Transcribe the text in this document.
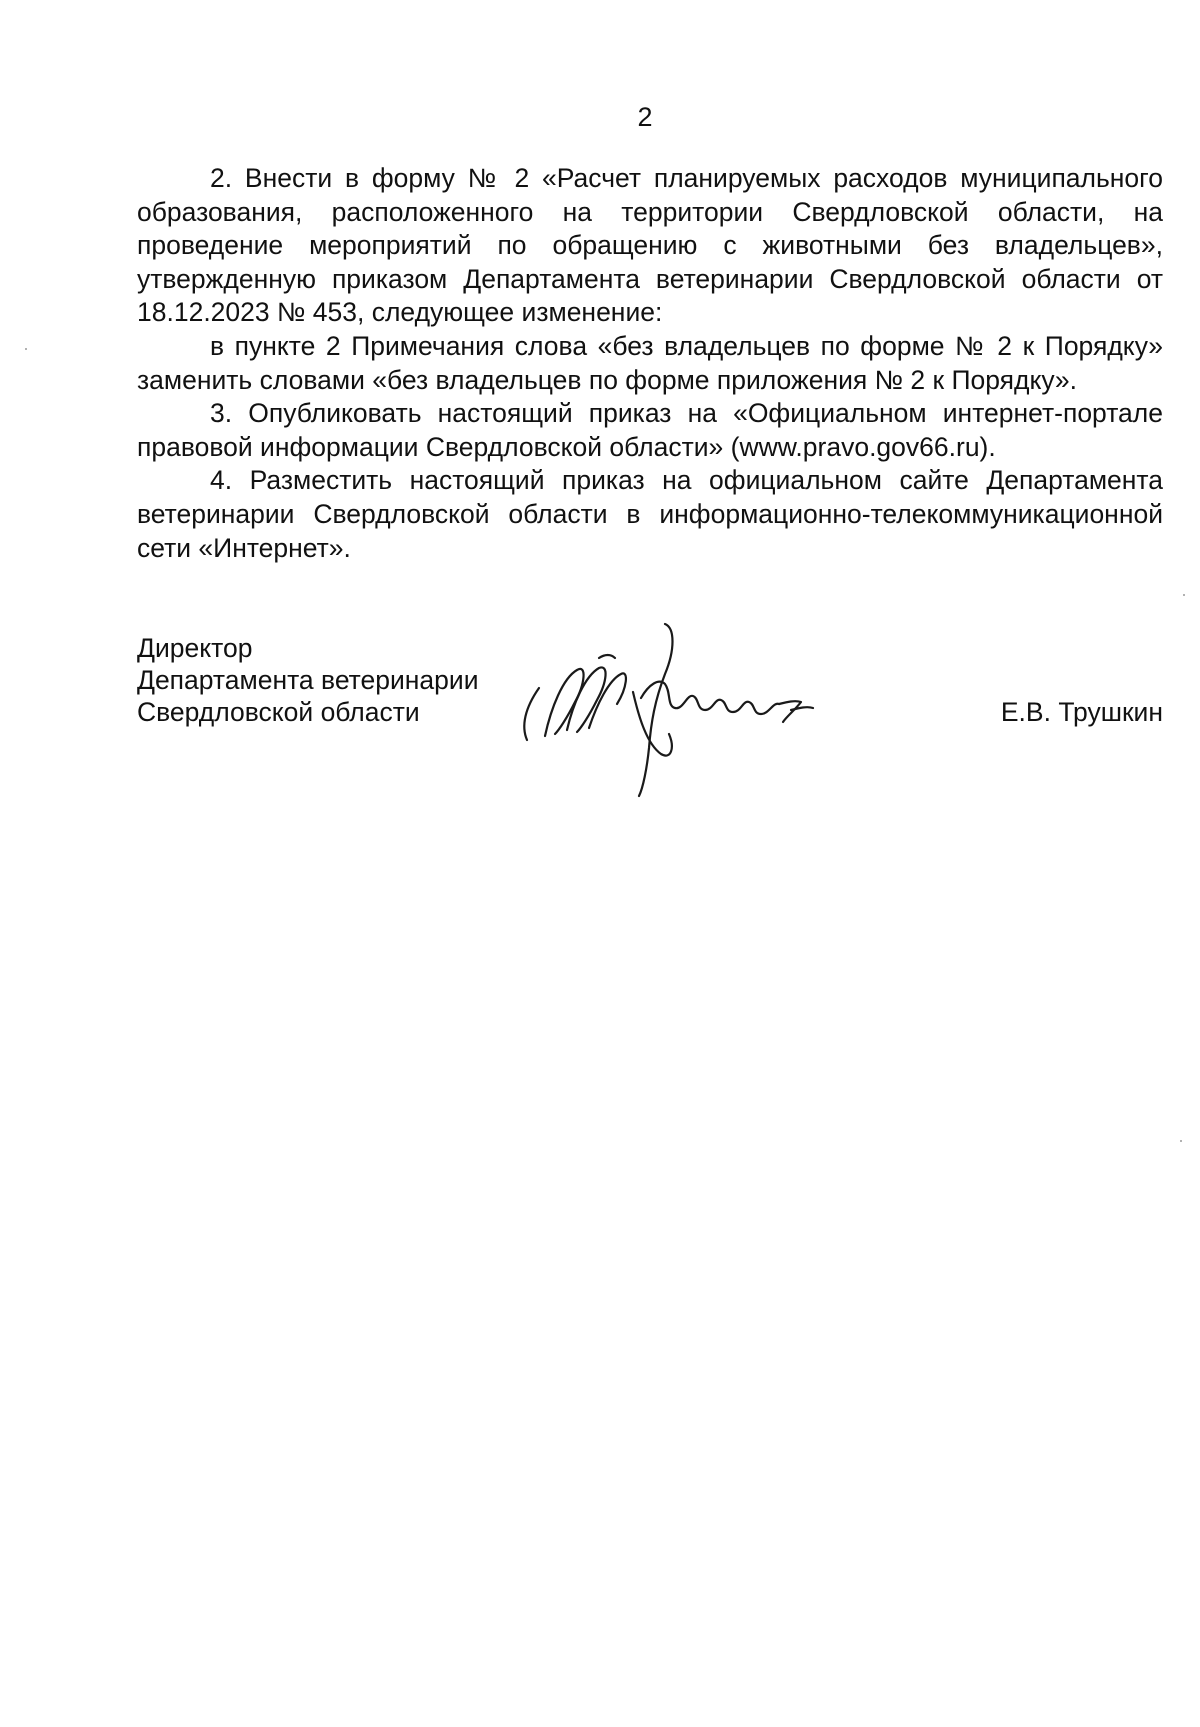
2

2. Внести в форму № 2 «Расчет планируемых расходов муниципального образования, расположенного на территории Свердловской области, на проведение мероприятий по обращению с животными без владельцев», утвержденную приказом Департамента ветеринарии Свердловской области от 18.12.2023 № 453, следующее изменение:

в пункте 2 Примечания слова «без владельцев по форме № 2 к Порядку» заменить словами «без владельцев по форме приложения № 2 к Порядку».

3. Опубликовать настоящий приказ на «Официальном интернет-портале правовой информации Свердловской области» (www.pravo.gov66.ru).

4. Разместить настоящий приказ на официальном сайте Департамента ветеринарии Свердловской области в информационно-телекоммуникационной сети «Интернет».

Директор
Департамента ветеринарии
Свердловской области	Е.В. Трушкин
